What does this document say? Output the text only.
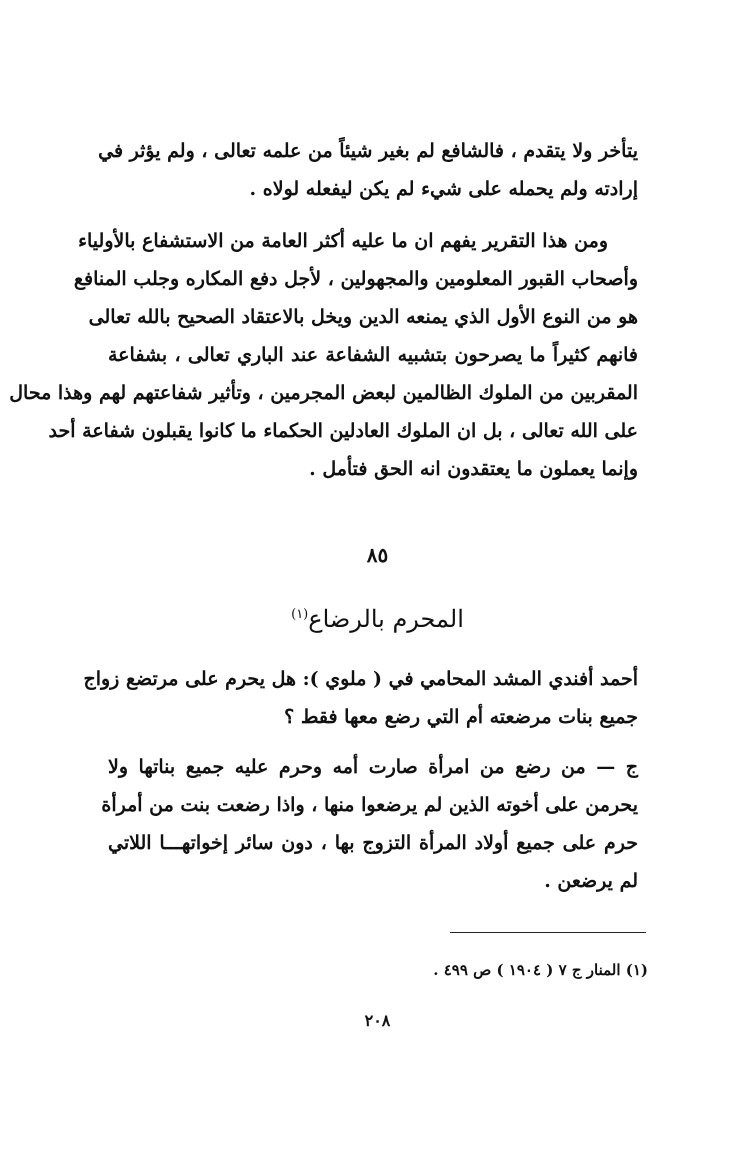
يتأخر ولا يتقدم ، فالشافع لم بغير شيئاً من علمه تعالى ، ولم يؤثر في
إرادته ولم يحمله على شيء لم يكن ليفعله لولاه .
ومن هذا التقرير يفهم ان ما عليه أكثر العامة من الاستشفاع بالأولياء
وأصحاب القبور المعلومين والمجهولين ، لأجل دفع المكاره وجلب المنافع
هو من النوع الأول الذي يمنعه الدين ويخل بالاعتقاد الصحيح بالله تعالى
فانهم كثيراً ما يصرحون بتشبيه الشفاعة عند الباري تعالى ، بشفاعة
المقربين من الملوك الظالمين لبعض المجرمين ، وتأثير شفاعتهم لهم وهذا محال
على الله تعالى ، بل ان الملوك العادلين الحكماء ما كانوا يقبلون شفاعة أحد
وإنما يعملون ما يعتقدون انه الحق فتأمل .
٨٥
المحرم بالرضاع$^{(١)}$
أحمد أفندي المشد المحامي في ( ملوي ): هل يحرم على مرتضع زواج
جميع بنات مرضعته أم التي رضع معها فقط ؟
ج — من رضع من امرأة صارت أمه وحرم عليه جميع بناتها ولا
يحرمن على أخوته الذين لم يرضعوا منها ، واذا رضعت بنت من أمرأة
حرم على جميع أولاد المرأة التزوج بها ، دون سائر إخواتهـــا اللاتي
لم يرضعن .
(١) المنار ج ٧ ( ١٩٠٤ ) ص ٤٩٩ .
٢٠٨
